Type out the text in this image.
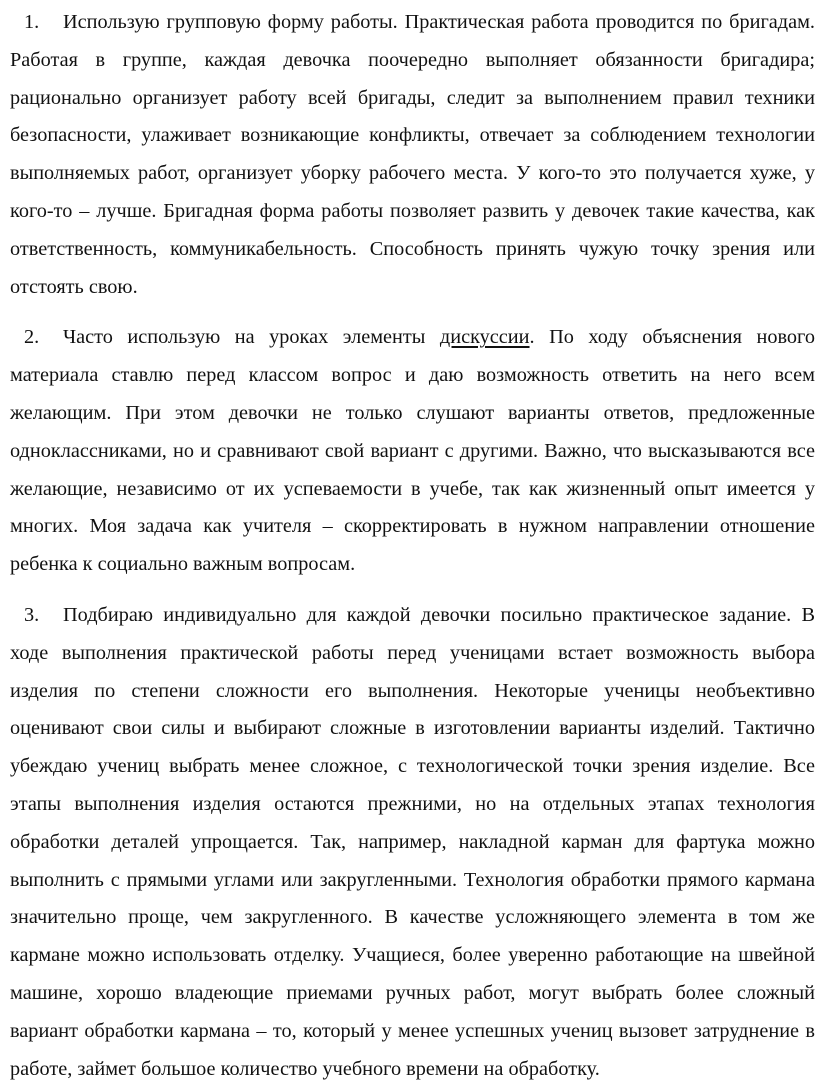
1. Использую групповую форму работы. Практическая работа проводится по бригадам. Работая в группе, каждая девочка поочередно выполняет обязанности бригадира; рационально организует работу всей бригады, следит за выполнением правил техники безопасности, улаживает возникающие конфликты, отвечает за соблюдением технологии выполняемых работ, организует уборку рабочего места. У кого-то это получается хуже, у кого-то – лучше. Бригадная форма работы позволяет развить у девочек такие качества, как ответственность, коммуникабельность. Способность принять чужую точку зрения или отстоять свою.

2. Часто использую на уроках элементы дискуссии. По ходу объяснения нового материала ставлю перед классом вопрос и даю возможность ответить на него всем желающим. При этом девочки не только слушают варианты ответов, предложенные одноклассниками, но и сравнивают свой вариант с другими. Важно, что высказываются все желающие, независимо от их успеваемости в учебе, так как жизненный опыт имеется у многих. Моя задача как учителя – скорректировать в нужном направлении отношение ребенка к социально важным вопросам.

3. Подбираю индивидуально для каждой девочки посильно практическое задание. В ходе выполнения практической работы перед ученицами встает возможность выбора изделия по степени сложности его выполнения. Некоторые ученицы необъективно оценивают свои силы и выбирают сложные в изготовлении варианты изделий. Тактично убеждаю учениц выбрать менее сложное, с технологической точки зрения изделие. Все этапы выполнения изделия остаются прежними, но на отдельных этапах технология обработки деталей упрощается. Так, например, накладной карман для фартука можно выполнить с прямыми углами или закругленными. Технология обработки прямого кармана значительно проще, чем закругленного. В качестве усложняющего элемента в том же кармане можно использовать отделку. Учащиеся, более уверенно работающие на швейной машине, хорошо владеющие приемами ручных работ, могут выбрать более сложный вариант обработки кармана – то, который у менее успешных учениц вызовет затруднение в работе, займет большое количество учебного времени на обработку.
